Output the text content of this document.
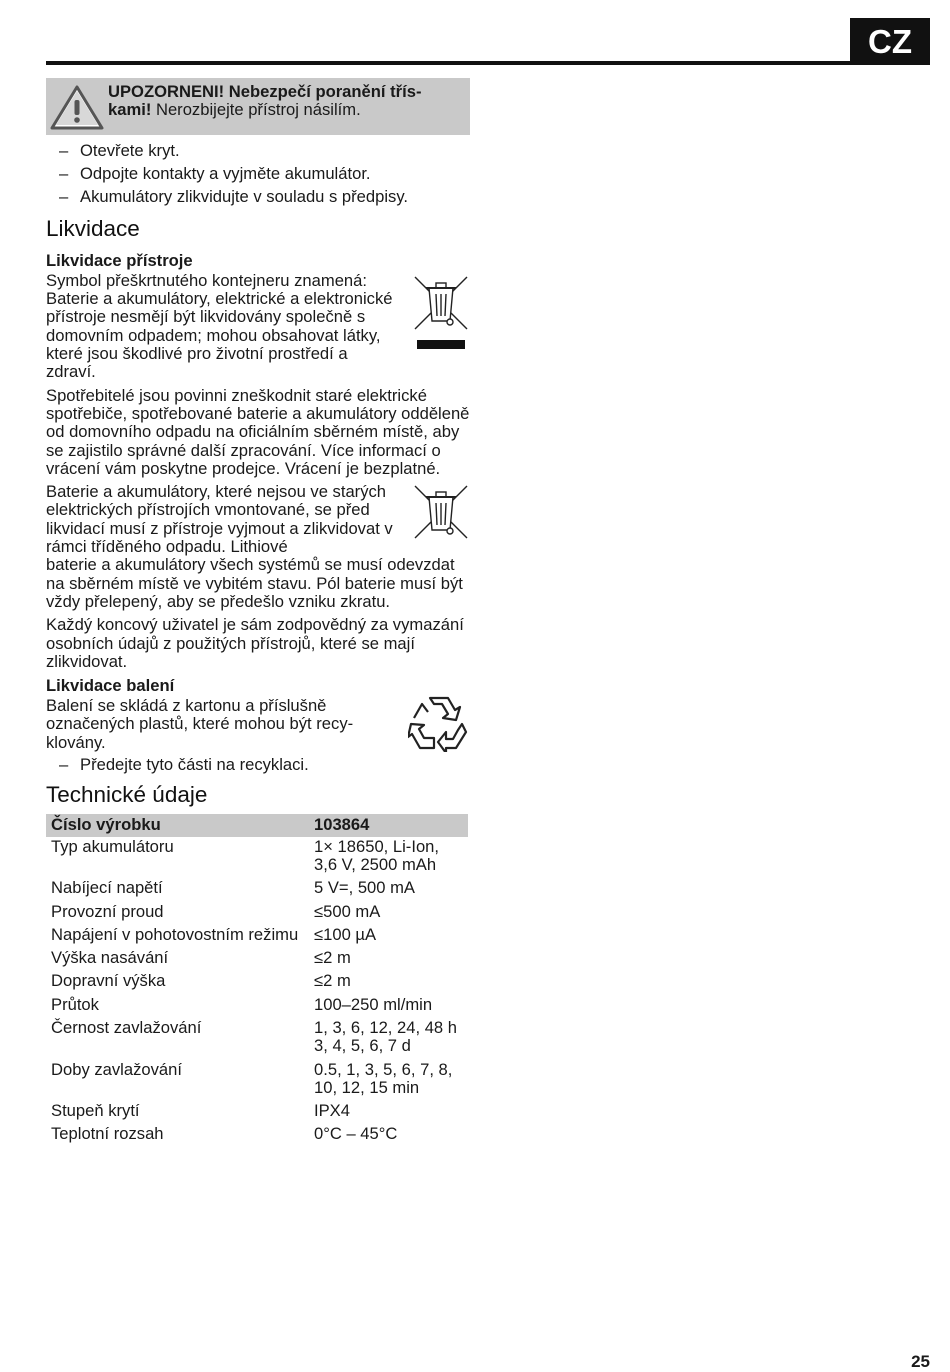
CZ
UPOZORNENI! Nebezpečí poranění třís-
kami! Nerozbijejte přístroj násilím.
– Otevřete kryt.
– Odpojte kontakty a vyjměte akumulátor.
– Akumulátory zlikvidujte v souladu s předpisy.
Likvidace
Likvidace přístroje

Symbol přeškrtnutého kontejneru znamená: Baterie a akumulátory, elektrické a elektronické přístroje nesmějí být likvidovány společně s domovním odpadem; mohou obsahovat látky, které jsou škodlivé pro životní prostředí a zdraví.

Spotřebitelé jsou povinni zneškodnit staré elektrické spotřebiče, spotřebované baterie a akumulátory odděleně od domovního odpadu na oficiálním sběrném místě, aby se zajistilo správné další zpracování. Více informací o vrácení vám poskytne prodejce. Vrácení je bezplatné.

Baterie a akumulátory, které nejsou ve starých elektrických přístrojích vmontované, se před likvidací musí z přístroje vyjmout a zlikvidovat v rámci tříděného odpadu. Lithiové

baterie a akumulátory všech systémů se musí odevzdat na sběrném místě ve vybitém stavu. Pól baterie musí být vždy přelepený, aby se předešlo vzniku zkratu.

Každý koncový uživatel je sám zodpovědný za vymazání osobních údajů z použitých přístrojů, které se mají zlikvidovat.

Likvidace balení

Balení se skládá z kartonu a příslušně označených plastů, které mohou být recyklovány.

– Předejte tyto části na recyklaci.
Technické údaje
Číslo výrobku	103864
Typ akumulátoru	1× 18650, Li-Ion, 3,6 V, 2500 mAh
Nabíjecí napětí	5 V=, 500 mA
Provozní proud	≤500 mA
Napájení v pohotovostním režimu	≤100 µA
Výška nasávání	≤2 m
Dopravní výška	≤2 m
Průtok	100–250 ml/min
Černost zavlažování	1, 3, 6, 12, 24, 48 h 3, 4, 5, 6, 7 d
Doby zavlažování	0.5, 1, 3, 5, 6, 7, 8, 10, 12, 15 min
Stupeň krytí	IPX4
Teplotní rozsah	0°C – 45°C
25
